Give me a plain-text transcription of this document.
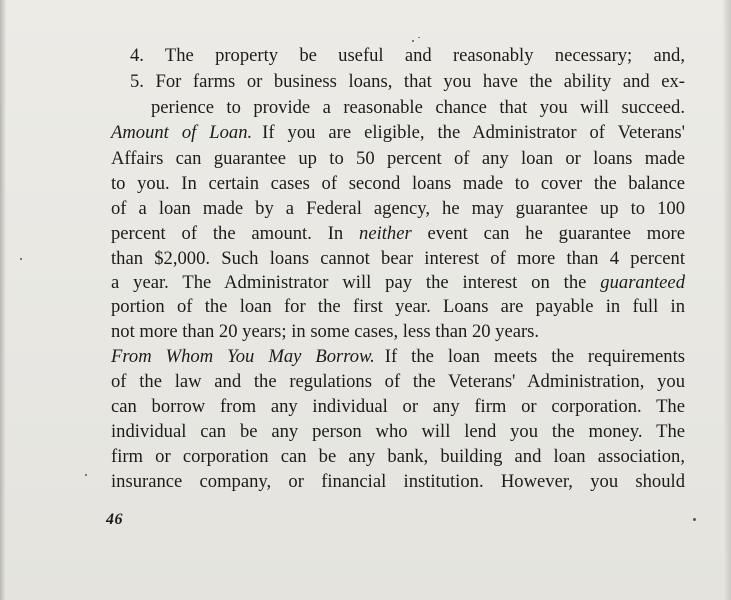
4. The property be useful and reasonably necessary; and,
5. For farms or business loans, that you have the ability and ex-
perience to provide a reasonable chance that you will succeed.
Amount of Loan. If you are eligible, the Administrator of Veterans'
Affairs can guarantee up to 50 percent of any loan or loans made
to you. In certain cases of second loans made to cover the balance
of a loan made by a Federal agency, he may guarantee up to 100
percent of the amount. In neither event can he guarantee more
than $2,000. Such loans cannot bear interest of more than 4 percent
a year. The Administrator will pay the interest on the guaranteed
portion of the loan for the first year. Loans are payable in full in
not more than 20 years; in some cases, less than 20 years.
From Whom You May Borrow. If the loan meets the requirements
of the law and the regulations of the Veterans' Administration, you
can borrow from any individual or any firm or corporation. The
individual can be any person who will lend you the money. The
firm or corporation can be any bank, building and loan association,
insurance company, or financial institution. However, you should
46
